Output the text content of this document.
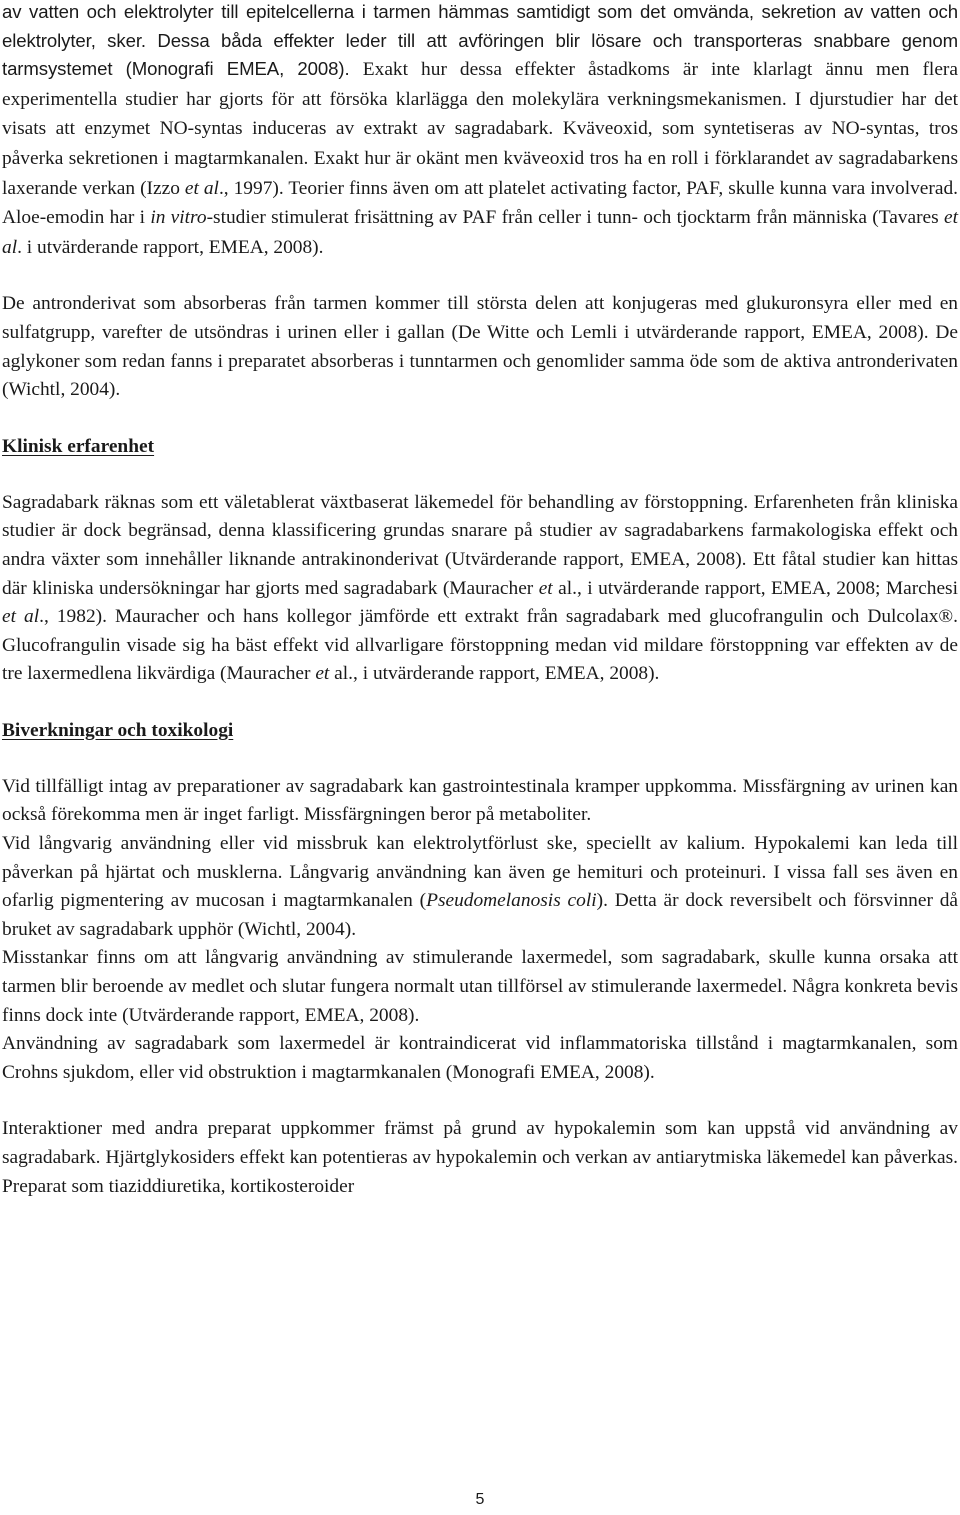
av vatten och elektrolyter till epitelcellerna i tarmen hämmas samtidigt som det omvända, sekretion av vatten och elektrolyter, sker. Dessa båda effekter leder till att avföringen blir lösare och transporteras snabbare genom tarmsystemet (Monografi EMEA, 2008). Exakt hur dessa effekter åstadkoms är inte klarlagt ännu men flera experimentella studier har gjorts för att försöka klarlägga den molekylära verkningsmekanismen. I djurstudier har det visats att enzymet NO-syntas induceras av extrakt av sagradabark. Kväveoxid, som syntetiseras av NO-syntas, tros påverka sekretionen i magtarmkanalen. Exakt hur är okänt men kväveoxid tros ha en roll i förklarandet av sagradabarkens laxerande verkan (Izzo et al., 1997). Teorier finns även om att platelet activating factor, PAF, skulle kunna vara involverad. Aloe-emodin har i in vitro-studier stimulerat frisättning av PAF från celler i tunn- och tjocktarm från människa (Tavares et al. i utvärderande rapport, EMEA, 2008).

De antronderivat som absorberas från tarmen kommer till största delen att konjugeras med glukuronsyra eller med en sulfatgrupp, varefter de utsöndras i urinen eller i gallan (De Witte och Lemli i utvärderande rapport, EMEA, 2008). De aglykoner som redan fanns i preparatet absorberas i tunntarmen och genomlider samma öde som de aktiva antronderivaten (Wichtl, 2004).

Klinisk erfarenhet

Sagradabark räknas som ett väletablerat växtbaserat läkemedel för behandling av förstoppning. Erfarenheten från kliniska studier är dock begränsad, denna klassificering grundas snarare på studier av sagradabarkens farmakologiska effekt och andra växter som innehåller liknande antrakinonderivat (Utvärderande rapport, EMEA, 2008). Ett fåtal studier kan hittas där kliniska undersökningar har gjorts med sagradabark (Mauracher et al., i utvärderande rapport, EMEA, 2008; Marchesi et al., 1982). Mauracher och hans kollegor jämförde ett extrakt från sagradabark med glucofrangulin och Dulcolax®. Glucofrangulin visade sig ha bäst effekt vid allvarligare förstoppning medan vid mildare förstoppning var effekten av de tre laxermedlena likvärdiga (Mauracher et al., i utvärderande rapport, EMEA, 2008).

Biverkningar och toxikologi

Vid tillfälligt intag av preparationer av sagradabark kan gastrointestinala kramper uppkomma. Missfärgning av urinen kan också förekomma men är inget farligt. Missfärgningen beror på metaboliter.

Vid långvarig användning eller vid missbruk kan elektrolytförlust ske, speciellt av kalium. Hypokalemi kan leda till påverkan på hjärtat och musklerna. Långvarig användning kan även ge hemituri och proteinuri. I vissa fall ses även en ofarlig pigmentering av mucosan i magtarmkanalen (Pseudomelanosis coli). Detta är dock reversibelt och försvinner då bruket av sagradabark upphör (Wichtl, 2004).

Misstankar finns om att långvarig användning av stimulerande laxermedel, som sagradabark, skulle kunna orsaka att tarmen blir beroende av medlet och slutar fungera normalt utan tillförsel av stimulerande laxermedel. Några konkreta bevis finns dock inte (Utvärderande rapport, EMEA, 2008).

Användning av sagradabark som laxermedel är kontraindicerat vid inflammatoriska tillstånd i magtarmkanalen, som Crohns sjukdom, eller vid obstruktion i magtarmkanalen (Monografi EMEA, 2008).

Interaktioner med andra preparat uppkommer främst på grund av hypokalemin som kan uppstå vid användning av sagradabark. Hjärtglykosiders effekt kan potentieras av hypokalemin och verkan av antiarytmiska läkemedel kan påverkas. Preparat som tiaziddiuretika, kortikosteroider

5
